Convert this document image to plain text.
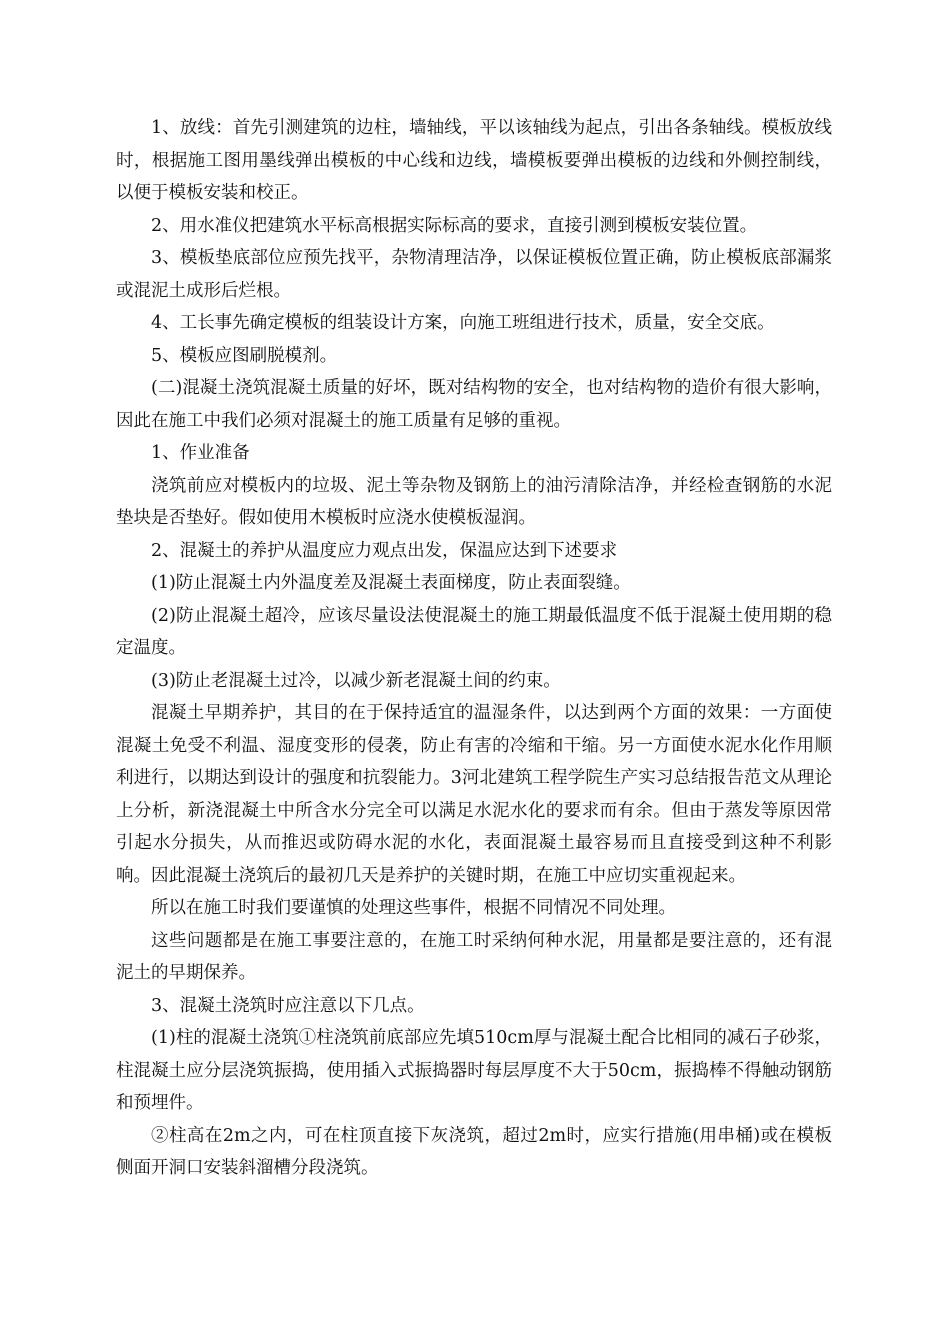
1、放线：首先引测建筑的边柱，墙轴线，平以该轴线为起点，引出各条轴线。模板放线时，根据施工图用墨线弹出模板的中心线和边线，墙模板要弹出模板的边线和外侧控制线，以便于模板安装和校正。

2、用水准仪把建筑水平标高根据实际标高的要求，直接引测到模板安装位置。

3、模板垫底部位应预先找平，杂物清理洁净，以保证模板位置正确，防止模板底部漏浆或混泥土成形后烂根。

4、工长事先确定模板的组装设计方案，向施工班组进行技术，质量，安全交底。

5、模板应图刷脱模剂。

(二)混凝土浇筑混凝土质量的好坏，既对结构物的安全，也对结构物的造价有很大影响，因此在施工中我们必须对混凝土的施工质量有足够的重视。

1、作业准备

浇筑前应对模板内的垃圾、泥土等杂物及钢筋上的油污清除洁净，并经检查钢筋的水泥垫块是否垫好。假如使用木模板时应浇水使模板湿润。

2、混凝土的养护从温度应力观点出发，保温应达到下述要求

(1)防止混凝土内外温度差及混凝土表面梯度，防止表面裂缝。

(2)防止混凝土超冷，应该尽量设法使混凝土的施工期最低温度不低于混凝土使用期的稳定温度。

(3)防止老混凝土过冷，以减少新老混凝土间的约束。

混凝土早期养护，其目的在于保持适宜的温湿条件，以达到两个方面的效果：一方面使混凝土免受不利温、湿度变形的侵袭，防止有害的冷缩和干缩。另一方面使水泥水化作用顺利进行，以期达到设计的强度和抗裂能力。3河北建筑工程学院生产实习总结报告范文从理论上分析，新浇混凝土中所含水分完全可以满足水泥水化的要求而有余。但由于蒸发等原因常引起水分损失，从而推迟或防碍水泥的水化，表面混凝土最容易而且直接受到这种不利影响。因此混凝土浇筑后的最初几天是养护的关键时期，在施工中应切实重视起来。

所以在施工时我们要谨慎的处理这些事件，根据不同情况不同处理。

这些问题都是在施工事要注意的，在施工时采纳何种水泥，用量都是要注意的，还有混泥土的早期保养。

3、混凝土浇筑时应注意以下几点。

(1)柱的混凝土浇筑①柱浇筑前底部应先填510cm厚与混凝土配合比相同的减石子砂浆，柱混凝土应分层浇筑振捣，使用插入式振捣器时每层厚度不大于50cm，振捣棒不得触动钢筋和预埋件。

②柱高在2m之内，可在柱顶直接下灰浇筑，超过2m时，应实行措施(用串桶)或在模板侧面开洞口安装斜溜槽分段浇筑。
